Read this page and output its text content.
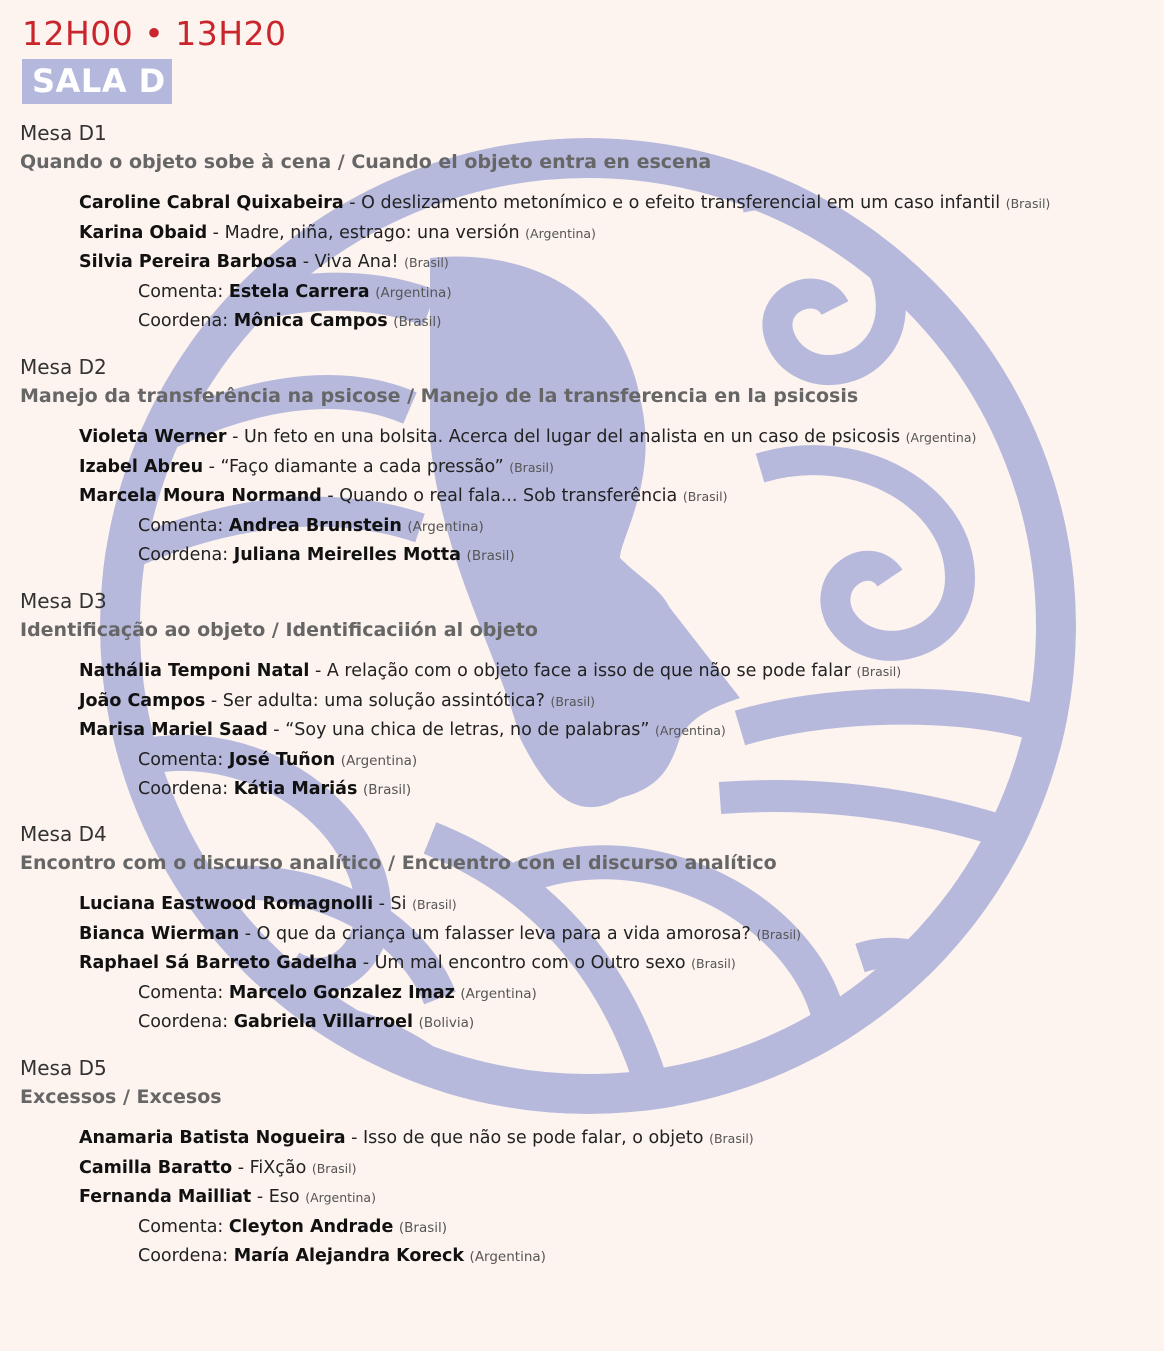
12H00 • 13H20
SALA D
Mesa D1
Quando o objeto sobe à cena / Cuando el objeto entra en escena
Caroline Cabral Quixabeira - O deslizamento metonímico e o efeito transferencial em um caso infantil (Brasil)
Karina Obaid - Madre, niña, estrago: una versión (Argentina)
Silvia Pereira Barbosa - Viva Ana! (Brasil)
Comenta: Estela Carrera (Argentina)
Coordena: Mônica Campos (Brasil)
Mesa D2
Manejo da transferência na psicose / Manejo de la transferencia en la psicosis
Violeta Werner - Un feto en una bolsita. Acerca del lugar del analista en un caso de psicosis (Argentina)
Izabel Abreu - “Faço diamante a cada pressão” (Brasil)
Marcela Moura Normand - Quando o real fala... Sob transferência (Brasil)
Comenta: Andrea Brunstein (Argentina)
Coordena: Juliana Meirelles Motta (Brasil)
Mesa D3
Identificação ao objeto / Identificaciión al objeto
Nathália Temponi Natal - A relação com o objeto face a isso de que não se pode falar (Brasil)
João Campos - Ser adulta: uma solução assintótica? (Brasil)
Marisa Mariel Saad - “Soy una chica de letras, no de palabras” (Argentina)
Comenta: José Tuñon (Argentina)
Coordena: Kátia Mariás (Brasil)
Mesa D4
Encontro com o discurso analítico / Encuentro con el discurso analítico
Luciana Eastwood Romagnolli - Si (Brasil)
Bianca Wierman - O que da criança um falasser leva para a vida amorosa? (Brasil)
Raphael Sá Barreto Gadelha - Um mal encontro com o Outro sexo (Brasil)
Comenta: Marcelo Gonzalez Imaz (Argentina)
Coordena: Gabriela Villarroel (Bolivia)
Mesa D5
Excessos / Excesos
Anamaria Batista Nogueira - Isso de que não se pode falar, o objeto (Brasil)
Camilla Baratto - FiXção (Brasil)
Fernanda Mailliat - Eso (Argentina)
Comenta: Cleyton Andrade (Brasil)
Coordena: María Alejandra Koreck (Argentina)
